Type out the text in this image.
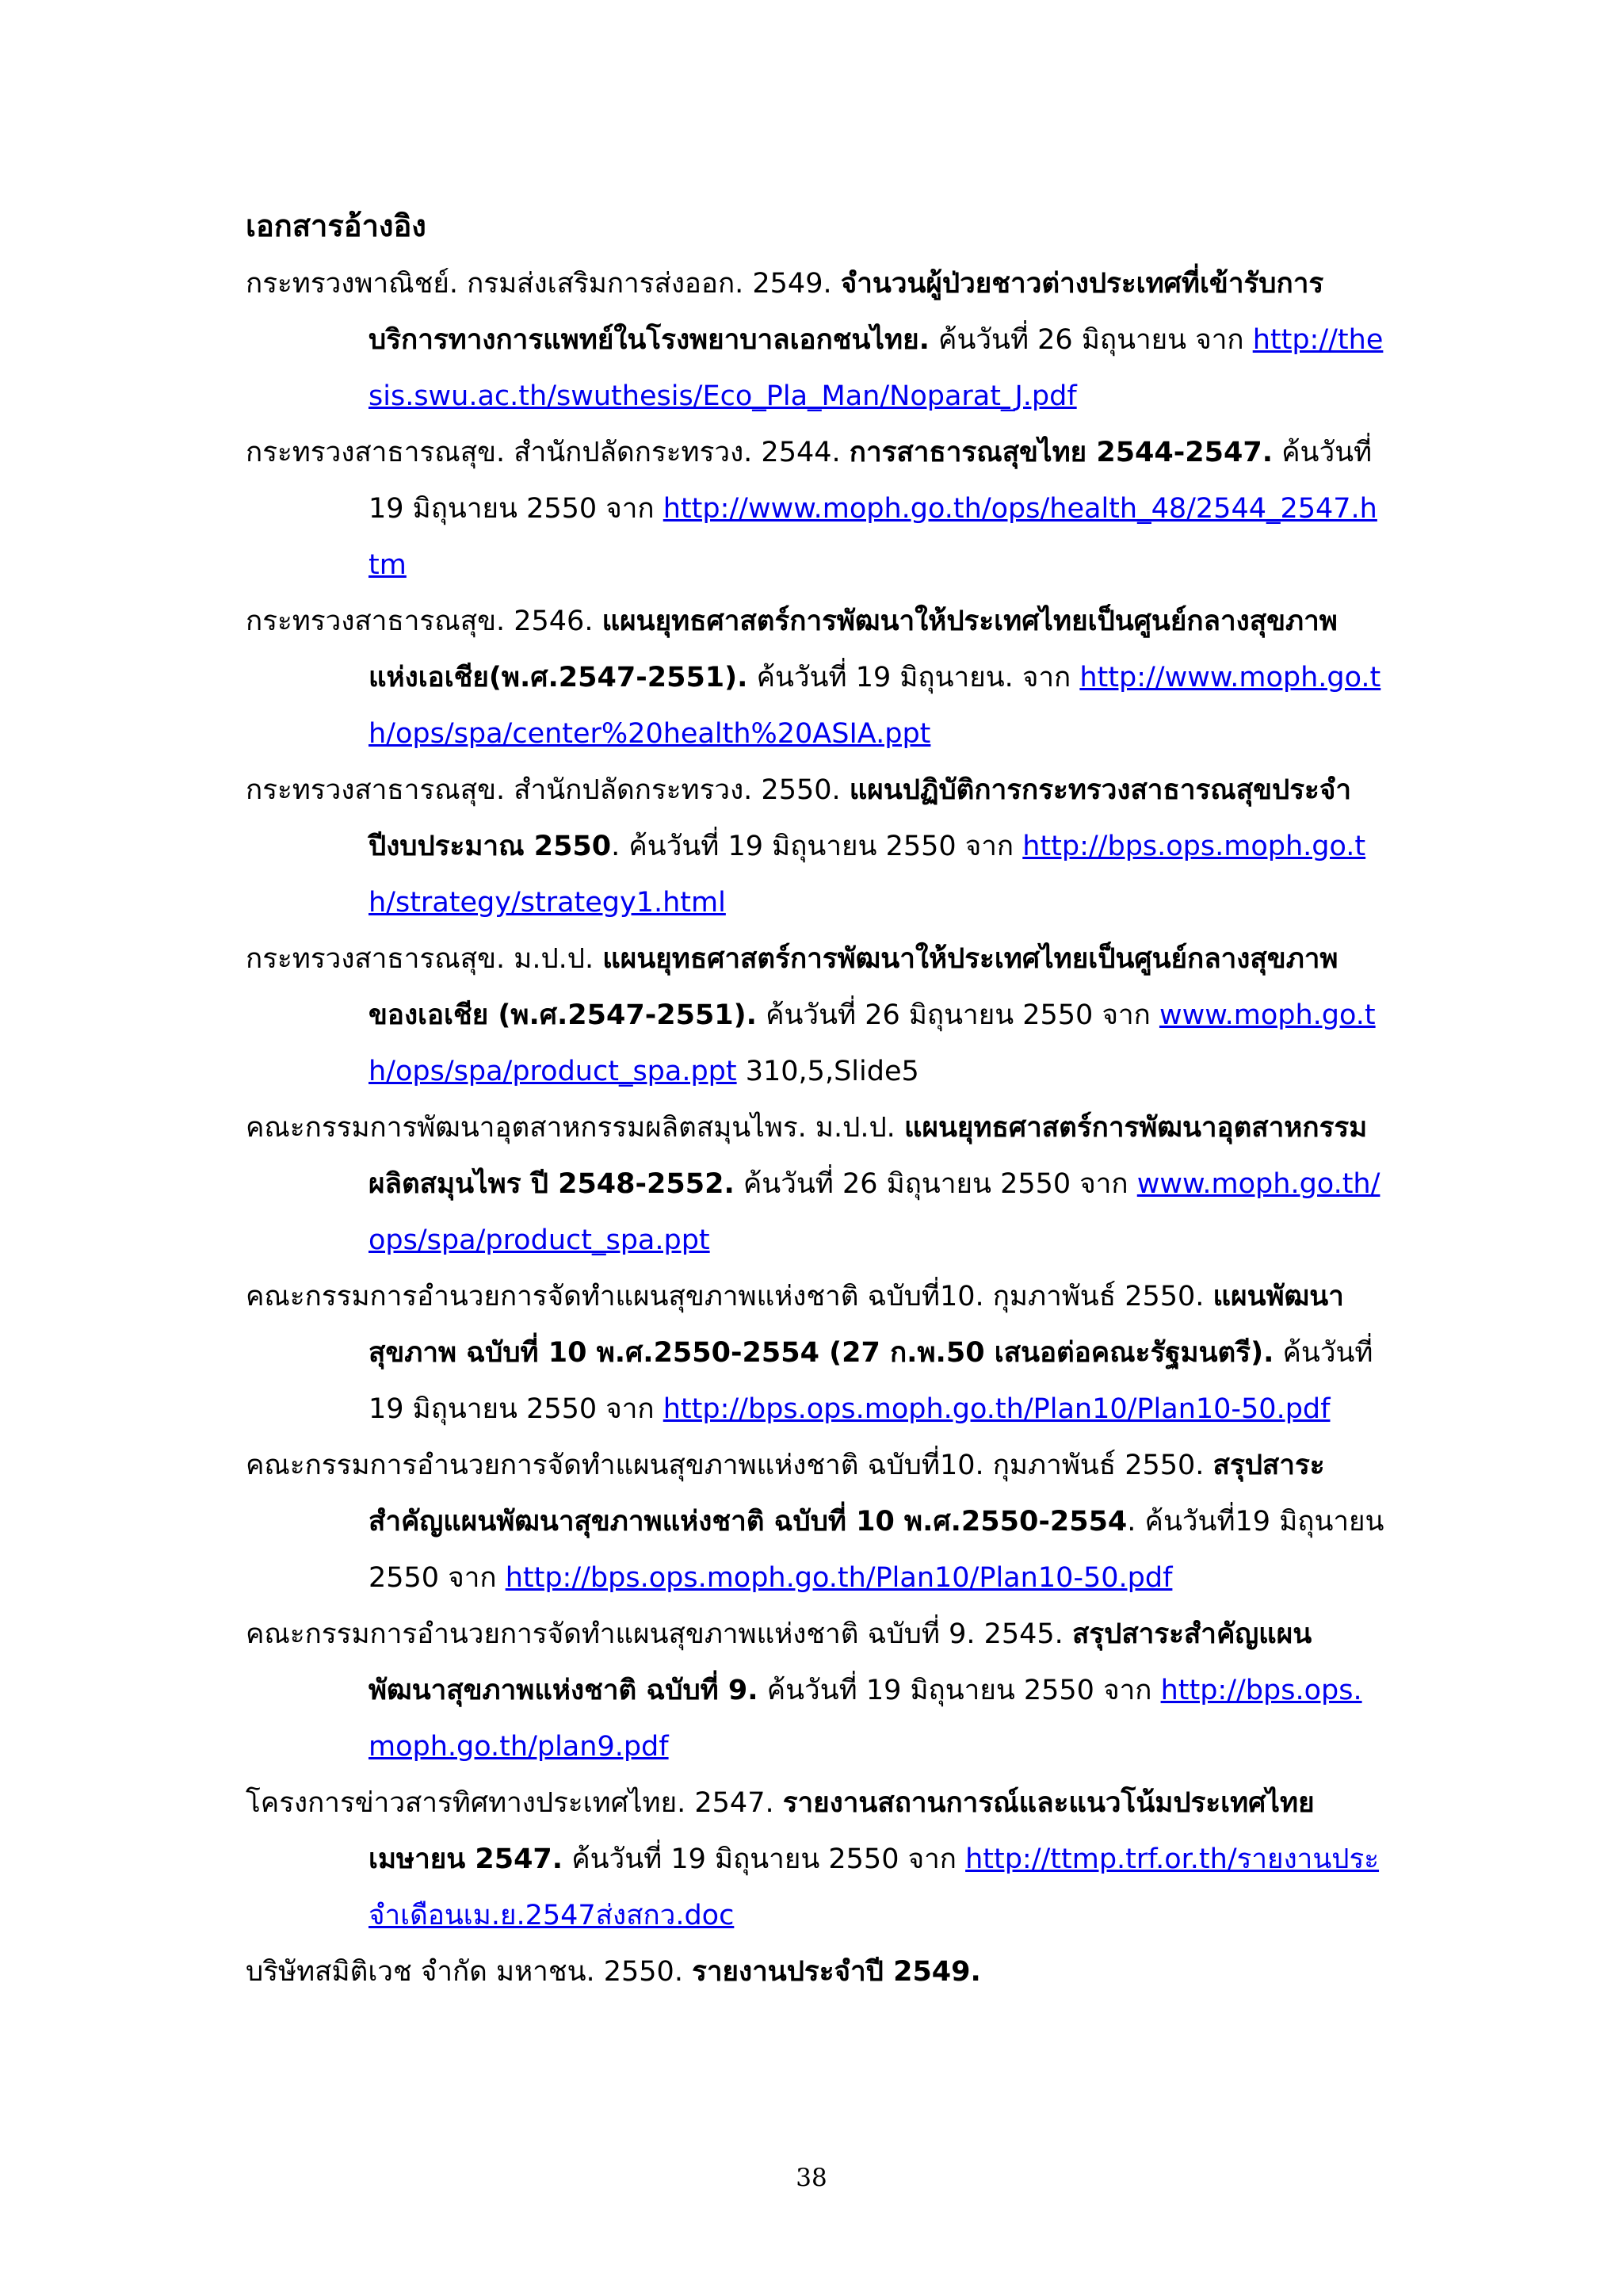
เอกสารอ้างอิง
กระทรวงพาณิชย์. กรมส่งเสริมการส่งออก. 2549. จำนวนผู้ป่วยชาวต่างประเทศที่เข้ารับการบริการทางการแพทย์ในโรงพยาบาลเอกชนไทย. ค้นวันที่ 26 มิถุนายน จาก http://thesis.swu.ac.th/swuthesis/Eco_Pla_Man/Noparat_J.pdf
กระทรวงสาธารณสุข. สำนักปลัดกระทรวง. 2544. การสาธารณสุขไทย 2544-2547. ค้นวันที่ 19 มิถุนายน 2550 จาก http://www.moph.go.th/ops/health_48/2544_2547.htm
กระทรวงสาธารณสุข. 2546. แผนยุทธศาสตร์การพัฒนาให้ประเทศไทยเป็นศูนย์กลางสุขภาพแห่งเอเชีย(พ.ศ.2547-2551). ค้นวันที่ 19 มิถุนายน. จาก http://www.moph.go.th/ops/spa/center%20health%20ASIA.ppt
กระทรวงสาธารณสุข. สำนักปลัดกระทรวง. 2550. แผนปฏิบัติการกระทรวงสาธารณสุขประจำปีงบประมาณ 2550. ค้นวันที่ 19 มิถุนายน 2550 จาก http://bps.ops.moph.go.th/strategy/strategy1.html
กระทรวงสาธารณสุข. ม.ป.ป. แผนยุทธศาสตร์การพัฒนาให้ประเทศไทยเป็นศูนย์กลางสุขภาพของเอเชีย (พ.ศ.2547-2551). ค้นวันที่ 26 มิถุนายน 2550 จาก www.moph.go.th/ops/spa/product_spa.ppt 310,5,Slide5
คณะกรรมการพัฒนาอุตสาหกรรมผลิตสมุนไพร. ม.ป.ป. แผนยุทธศาสตร์การพัฒนาอุตสาหกรรมผลิตสมุนไพร ปี 2548-2552. ค้นวันที่ 26 มิถุนายน 2550 จาก www.moph.go.th/ops/spa/product_spa.ppt
คณะกรรมการอำนวยการจัดทำแผนสุขภาพแห่งชาติ ฉบับที่10. กุมภาพันธ์ 2550. แผนพัฒนาสุขภาพ ฉบับที่ 10 พ.ศ.2550-2554 (27 ก.พ.50 เสนอต่อคณะรัฐมนตรี). ค้นวันที่ 19 มิถุนายน 2550 จาก http://bps.ops.moph.go.th/Plan10/Plan10-50.pdf
คณะกรรมการอำนวยการจัดทำแผนสุขภาพแห่งชาติ ฉบับที่10. กุมภาพันธ์ 2550. สรุปสาระสำคัญแผนพัฒนาสุขภาพแห่งชาติ ฉบับที่ 10 พ.ศ.2550-2554. ค้นวันที่19 มิถุนายน 2550 จาก http://bps.ops.moph.go.th/Plan10/Plan10-50.pdf
คณะกรรมการอำนวยการจัดทำแผนสุขภาพแห่งชาติ ฉบับที่ 9. 2545. สรุปสาระสำคัญแผนพัฒนาสุขภาพแห่งชาติ ฉบับที่ 9. ค้นวันที่ 19 มิถุนายน 2550 จาก http://bps.ops.moph.go.th/plan9.pdf
โครงการข่าวสารทิศทางประเทศไทย. 2547. รายงานสถานการณ์และแนวโน้มประเทศไทย เมษายน 2547. ค้นวันที่ 19 มิถุนายน 2550 จาก http://ttmp.trf.or.th/รายงานประจำเดือนเม.ย.2547ส่งสกว.doc
บริษัทสมิติเวช จำกัด มหาชน. 2550. รายงานประจำปี 2549.
38
